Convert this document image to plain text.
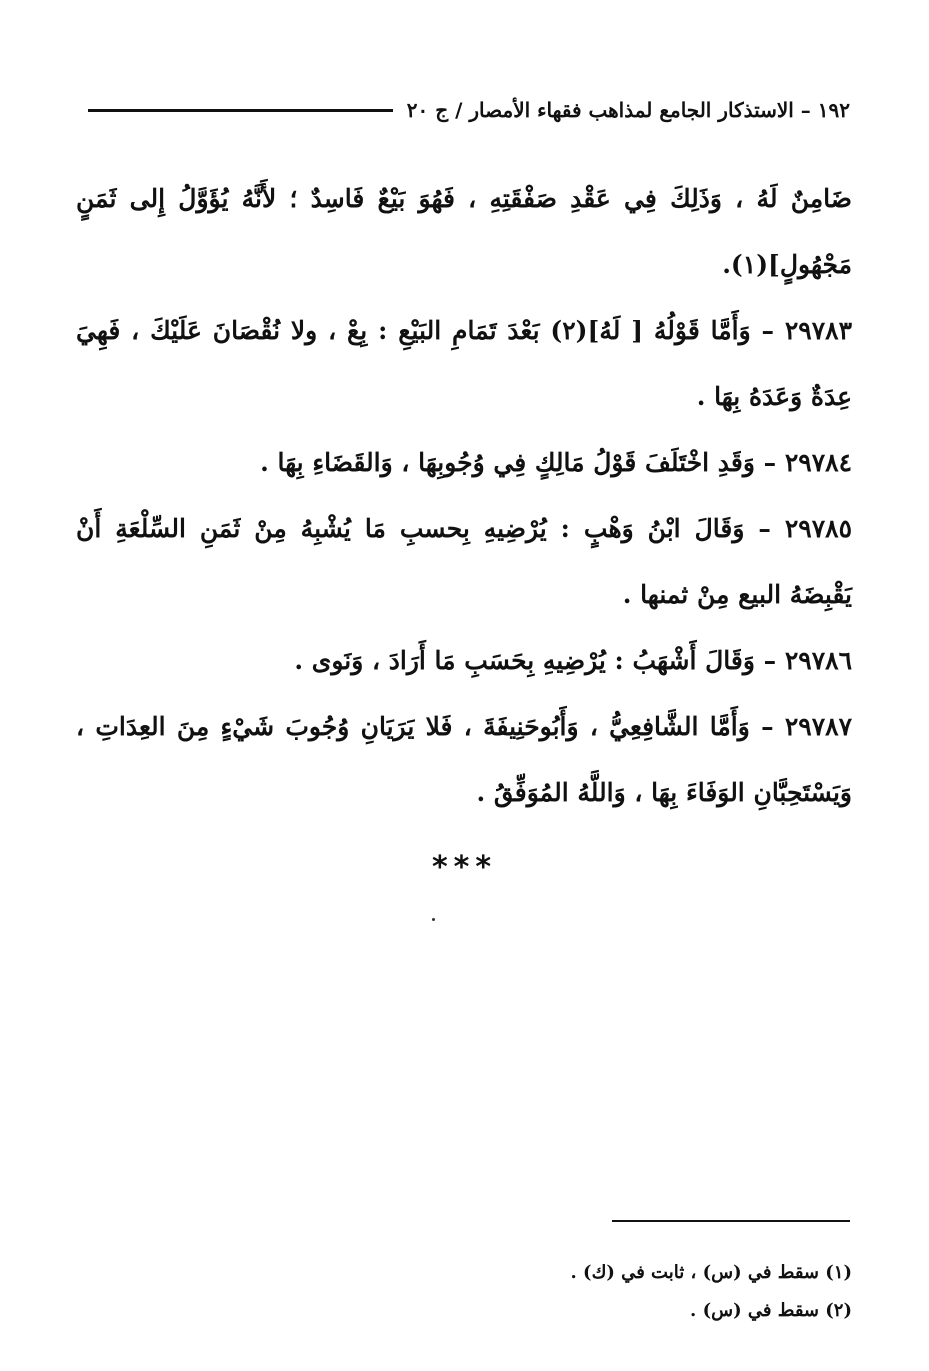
١٩٢ – الاستذكار الجامع لمذاهب فقهاء الأمصار / ج ٢٠

ضَامِنٌ لَهُ ، وَذَلِكَ فِي عَقْدِ صَفْقَتِهِ ، فَهُوَ بَيْعٌ فَاسِدٌ ؛ لأَنَّهُ يُؤَوَّلُ إِلى ثَمَنٍ مَجْهُولٍ](١).

٢٩٧٨٣ – وَأَمَّا قَوْلُهُ [ لَهُ](٢) بَعْدَ تَمَامِ البَيْعِ : بِعْ ، ولا نُقْصَانَ عَلَيْكَ ، فَهِيَ عِدَةٌ وَعَدَهُ بِهَا .

٢٩٧٨٤ – وَقَدِ اخْتَلَفَ قَوْلُ مَالِكٍ فِي وُجُوبِهَا ، وَالقَضَاءِ بِهَا .

٢٩٧٨٥ – وَقَالَ ابْنُ وَهْبٍ : يُرْضِيهِ بِحسبِ مَا يُشْبِهُ مِنْ ثَمَنِ السِّلْعَةِ أَنْ يَقْبِضَهُ البيع مِنْ ثمنها .

٢٩٧٨٦ – وَقَالَ أَشْهَبُ : يُرْضِيهِ بِحَسَبِ مَا أَرَادَ ، وَنَوى .

٢٩٧٨٧ – وَأَمَّا الشَّافِعِيُّ ، وَأَبُوحَنِيفَةَ ، فَلا يَرَيَانِ وُجُوبَ شَيْءٍ مِنَ العِدَاتِ ، وَيَسْتَحِبَّانِ الوَفَاءَ بِهَا ، وَاللَّهُ المُوَفِّقُ .

***
(١) سقط في (س) ، ثابت في (ك) .
(٢) سقط في (س) .
